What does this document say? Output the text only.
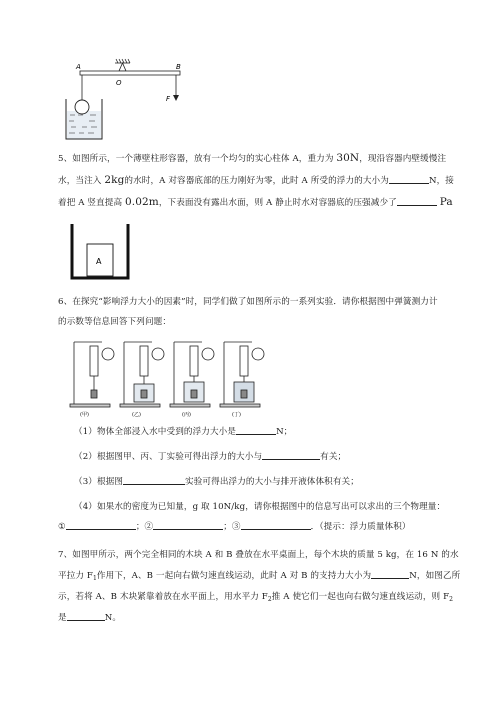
A
O
B
F
5、如图所示，一个薄壁柱形容器，放有一个均匀的实心柱体 A，重力为 30N，现沿容器内壁缓慢注
水，当注入 2kg的水时，A 对容器底部的压力刚好为零，此时 A 所受的浮力的大小为	N，接
着把 A 竖直提高 0.02m，下表面没有露出水面，则 A 静止时水对容器底的压强减少了	Pa
A
6、在探究“影响浮力大小的因素”时，同学们做了如图所示的一系列实验．请你根据图中弹簧测力计
的示数等信息回答下列问题：
(甲)	(乙)	(丙)	(丁)
（1）物体全部浸入水中受到的浮力大小是	N；
（2）根据图甲、丙、丁实验可得出浮力的大小与	有关；
（3）根据图	实验可得出浮力的大小与排开液体体积有关；
（4）如果水的密度为已知量，g 取 10N/kg，请你根据图中的信息写出可以求出的三个物理量：
①	；②	；③	．（提示：浮力质量体积）
7、如图甲所示，两个完全相同的木块 A 和 B 叠放在水平桌面上，每个木块的质量 5 kg，在 16 N 的水
平拉力 $F_1$作用下，A、B 一起向右做匀速直线运动，此时 A 对 B 的支持力大小为	N，如图乙所
示，若将 A、B 木块紧靠着放在水平面上，用水平力 $F_2$推 A 使它们一起也向右做匀速直线运动，则 $F_2$
是	N。
